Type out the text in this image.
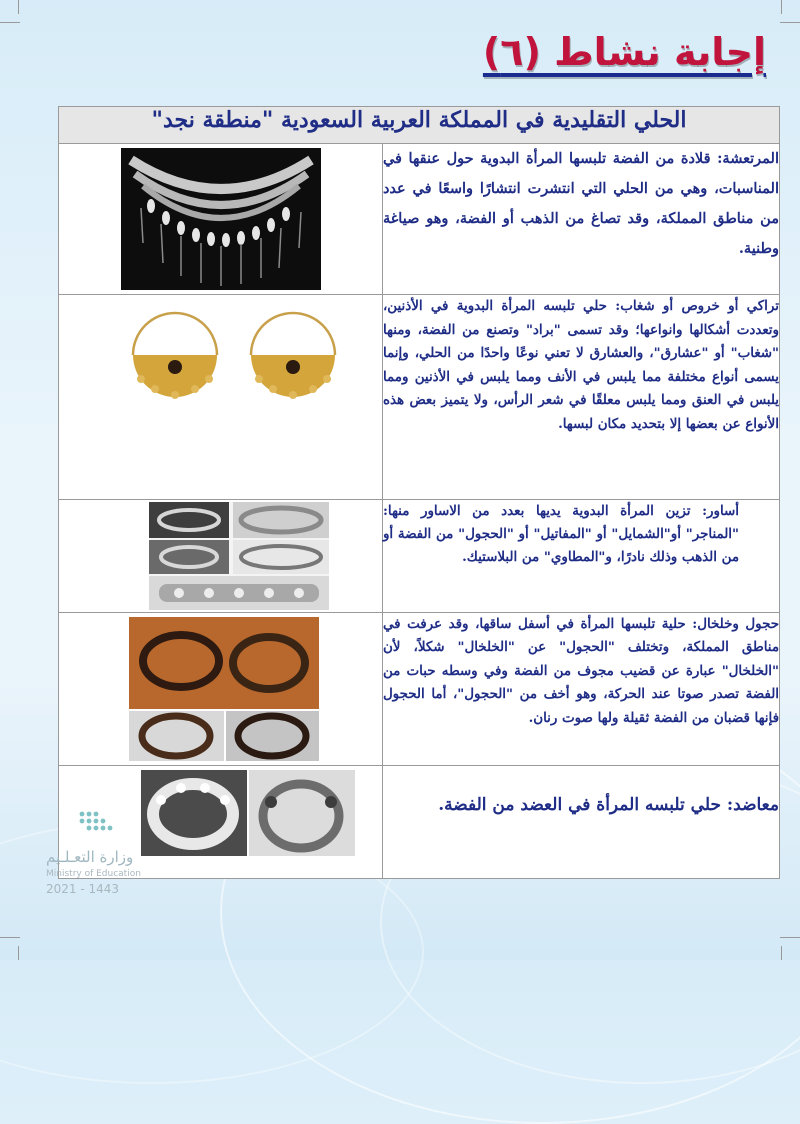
إجابة نشاط (٦)
الحلي التقليدية في المملكة العربية السعودية "منطقة نجد"	
المرتعشة: قلادة من الفضة تلبسها المرأة البدوية حول عنقها في المناسبات، وهي من الحلي التي انتشرت انتشارًا واسعًا في عدد من مناطق المملكة، وقد تصاغ من الذهب أو الفضة، وهو صياغة وطنية.	

تراكي أو خروص أو شغاب: حلي تلبسه المرأة البدوية في الأذنين، وتعددت أشكالها وانواعها؛ وقد تسمى "براد" وتصنع من الفضة، ومنها "شغاب" أو "عشارق"، والعشارق لا تعني نوعًا واحدًا من الحلي، وإنما يسمى أنواع مختلفة مما يلبس في الأنف ومما يلبس في الأذنين ومما يلبس في العنق ومما يلبس معلقًا في شعر الرأس، ولا يتميز بعض هذه الأنواع عن بعضها إلا بتحديد مكان لبسها.	

أساور: تزين المرأة البدوية يديها بعدد من الاساور منها: "المناجر" أو"الشمايل" أو "المفاتيل" أو "الحجول" من الفضة أو من الذهب وذلك نادرًا، و"المطاوي" من البلاستيك.	

حجول وخلخال: حلية تلبسها المرأة في أسفل ساقها، وقد عرفت في مناطق المملكة، وتختلف "الحجول" عن "الخلخال" شكلاً، لأن "الخلخال" عبارة عن قضيب مجوف من الفضة وفي وسطه حبات من الفضة تصدر صوتا عند الحركة، وهو أخف من "الحجول"، أما الحجول فإنها قضبان من الفضة ثقيلة ولها صوت رنان.	

معاضد: حلي تلبسه المرأة في العضد من الفضة.	
وزارة التعـلـيم
Ministry of Education
2021 - 1443
